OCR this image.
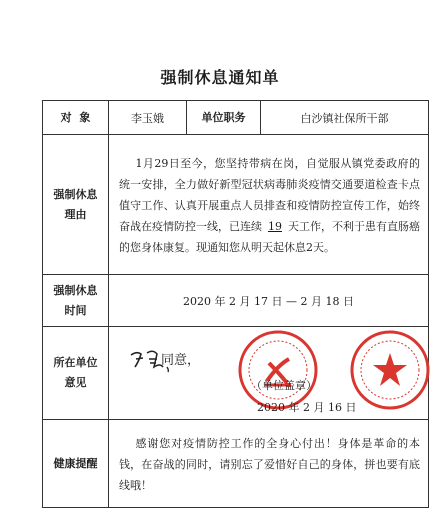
强制休息通知单
对  象	李玉娥	单位职务	白沙镇社保所干部
强制休息
理由	1月29日至今，您坚持带病在岗，自觉服从镇党委政府的统一安排，全力做好新型冠状病毒肺炎疫情交通要道检查卡点值守工作、认真开展重点人员排查和疫情防控宣传工作，始终奋战在疫情防控一线，已连续 19 天工作，不利于患有直肠癌的您身体康复。现通知您从明天起休息2天。		
强制休息
时间	2020 年 2 月 17 日 — 2 月 18 日		
所在单位
意见	（单位盖章）
2020 年 2 月 16 日
同意，		

健康提醒	感谢您对疫情防控工作的全身心付出！身体是革命的本钱，在奋战的同时，请别忘了爱惜好自己的身体，拼也要有底线哦！		
